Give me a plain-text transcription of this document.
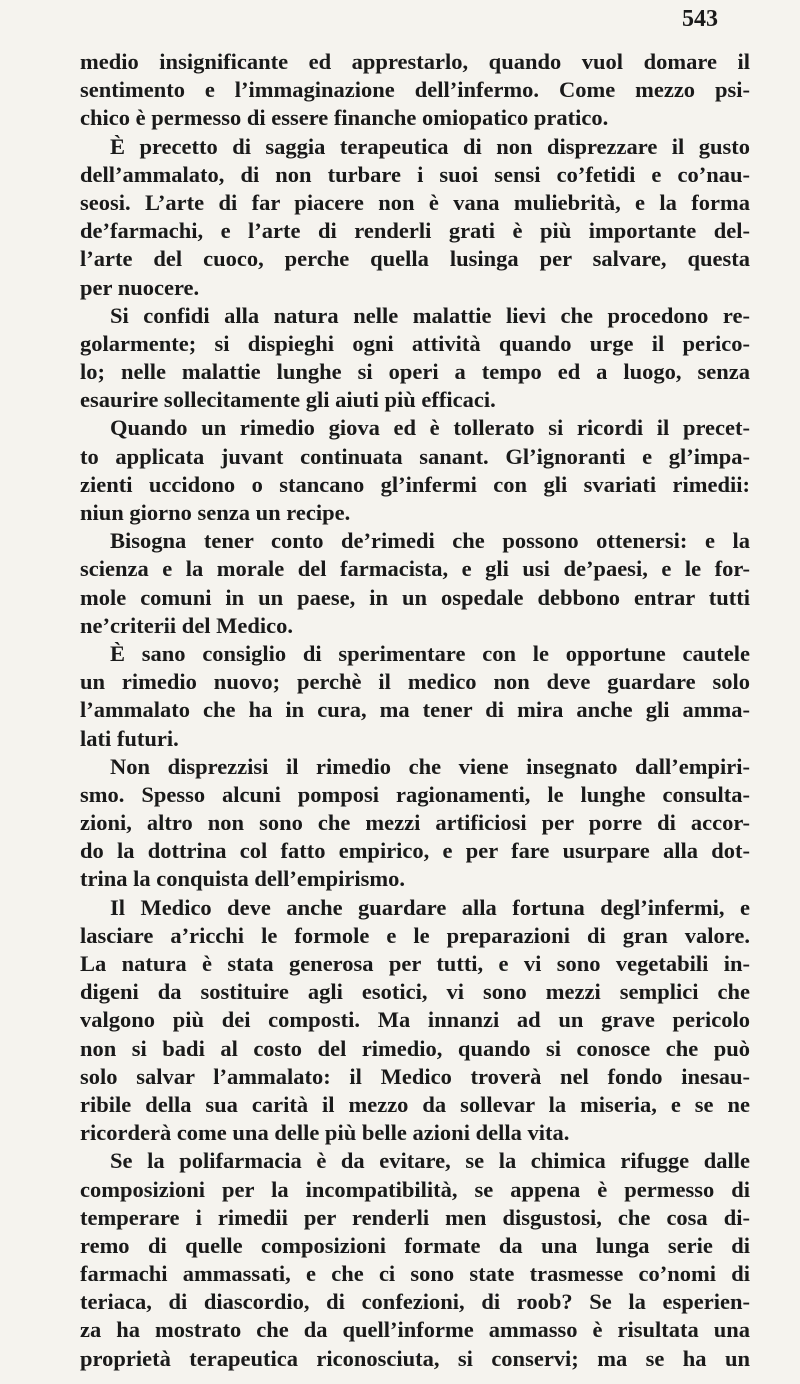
543
medio insignificante ed apprestarlo, quando vuol domare il
sentimento e l’immaginazione dell’infermo. Come mezzo psi-
chico è permesso di essere finanche omiopatico pratico.
È precetto di saggia terapeutica di non disprezzare il gusto
dell’ammalato, di non turbare i suoi sensi co’fetidi e co’nau-
seosi. L’arte di far piacere non è vana muliebrità, e la forma
de’farmachi, e l’arte di renderli grati è più importante del-
l’arte del cuoco, perche quella lusinga per salvare, questa
per nuocere.
Si confidi alla natura nelle malattie lievi che procedono re-
golarmente; si dispieghi ogni attività quando urge il perico-
lo; nelle malattie lunghe si operi a tempo ed a luogo, senza
esaurire sollecitamente gli aiuti più efficaci.
Quando un rimedio giova ed è tollerato si ricordi il precet-
to applicata juvant continuata sanant. Gl’ignoranti e gl’impa-
zienti uccidono o stancano gl’infermi con gli svariati rimedii:
niun giorno senza un recipe.
Bisogna tener conto de’rimedi che possono ottenersi: e la
scienza e la morale del farmacista, e gli usi de’paesi, e le for-
mole comuni in un paese, in un ospedale debbono entrar tutti
ne’criterii del Medico.
È sano consiglio di sperimentare con le opportune cautele
un rimedio nuovo; perchè il medico non deve guardare solo
l’ammalato che ha in cura, ma tener di mira anche gli amma-
lati futuri.
Non disprezzisi il rimedio che viene insegnato dall’empiri-
smo. Spesso alcuni pomposi ragionamenti, le lunghe consulta-
zioni, altro non sono che mezzi artificiosi per porre di accor-
do la dottrina col fatto empirico, e per fare usurpare alla dot-
trina la conquista dell’empirismo.
Il Medico deve anche guardare alla fortuna degl’infermi, e
lasciare a’ricchi le formole e le preparazioni di gran valore.
La natura è stata generosa per tutti, e vi sono vegetabili in-
digeni da sostituire agli esotici, vi sono mezzi semplici che
valgono più dei composti. Ma innanzi ad un grave pericolo
non si badi al costo del rimedio, quando si conosce che può
solo salvar l’ammalato: il Medico troverà nel fondo inesau-
ribile della sua carità il mezzo da sollevar la miseria, e se ne
ricorderà come una delle più belle azioni della vita.
Se la polifarmacia è da evitare, se la chimica rifugge dalle
composizioni per la incompatibilità, se appena è permesso di
temperare i rimedii per renderli men disgustosi, che cosa di-
remo di quelle composizioni formate da una lunga serie di
farmachi ammassati, e che ci sono state trasmesse co’nomi di
teriaca, di diascordio, di confezioni, di roob? Se la esperien-
za ha mostrato che da quell’informe ammasso è risultata una
proprietà terapeutica riconosciuta, si conservi; ma se ha un
